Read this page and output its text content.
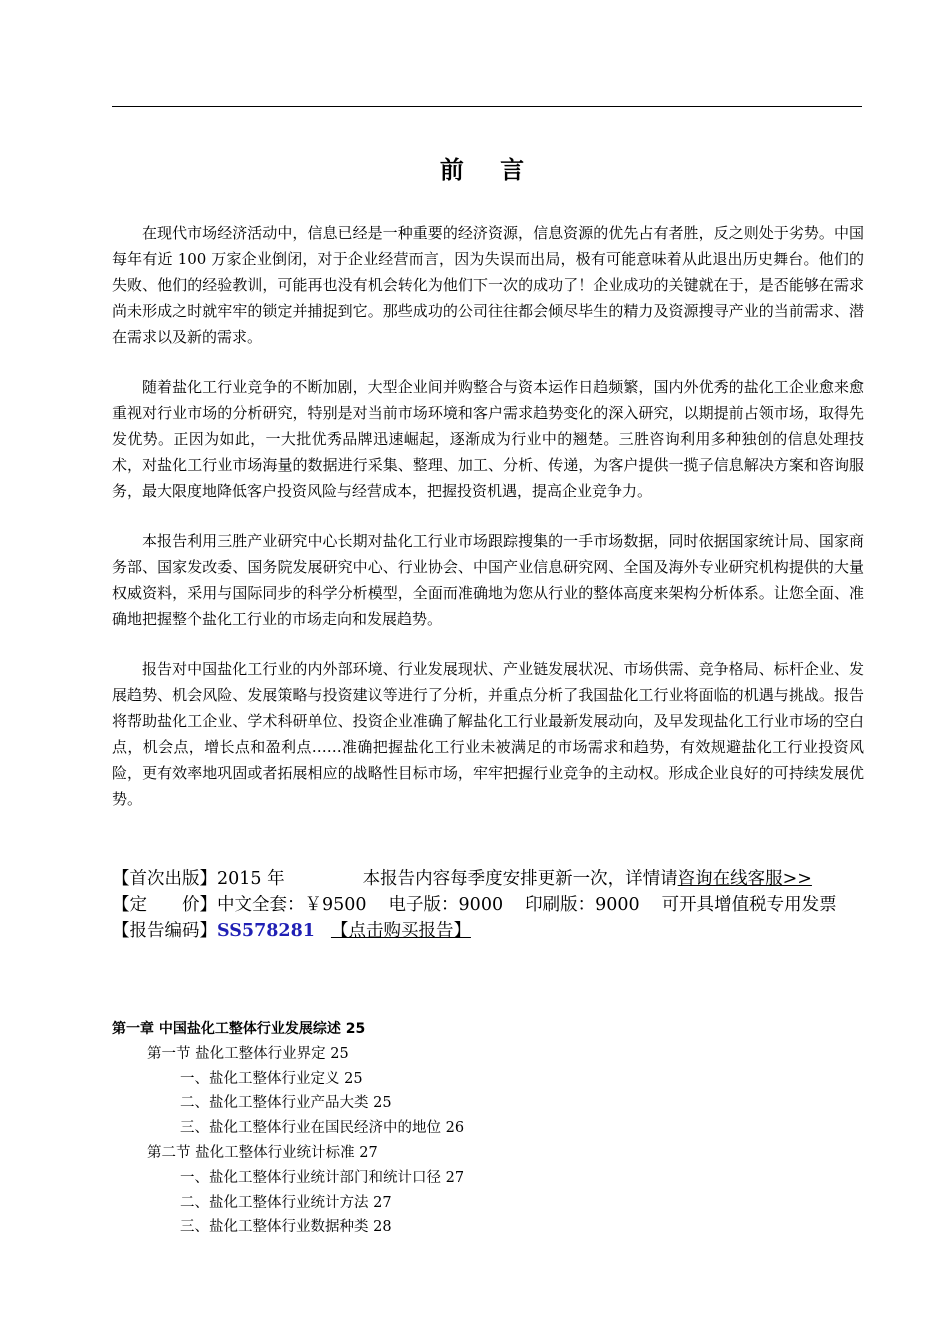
前 言

在现代市场经济活动中，信息已经是一种重要的经济资源，信息资源的优先占有者胜，反之则处于劣势。中国每年有近 100 万家企业倒闭，对于企业经营而言，因为失误而出局，极有可能意味着从此退出历史舞台。他们的失败、他们的经验教训，可能再也没有机会转化为他们下一次的成功了！企业成功的关键就在于，是否能够在需求尚未形成之时就牢牢的锁定并捕捉到它。那些成功的公司往往都会倾尽毕生的精力及资源搜寻产业的当前需求、潜在需求以及新的需求。

随着盐化工行业竞争的不断加剧，大型企业间并购整合与资本运作日趋频繁，国内外优秀的盐化工企业愈来愈重视对行业市场的分析研究，特别是对当前市场环境和客户需求趋势变化的深入研究，以期提前占领市场，取得先发优势。正因为如此，一大批优秀品牌迅速崛起，逐渐成为行业中的翘楚。三胜咨询利用多种独创的信息处理技术，对盐化工行业市场海量的数据进行采集、整理、加工、分析、传递，为客户提供一揽子信息解决方案和咨询服务，最大限度地降低客户投资风险与经营成本，把握投资机遇，提高企业竞争力。

本报告利用三胜产业研究中心长期对盐化工行业市场跟踪搜集的一手市场数据，同时依据国家统计局、国家商务部、国家发改委、国务院发展研究中心、行业协会、中国产业信息研究网、全国及海外专业研究机构提供的大量权威资料，采用与国际同步的科学分析模型，全面而准确地为您从行业的整体高度来架构分析体系。让您全面、准确地把握整个盐化工行业的市场走向和发展趋势。

报告对中国盐化工行业的内外部环境、行业发展现状、产业链发展状况、市场供需、竞争格局、标杆企业、发展趋势、机会风险、发展策略与投资建议等进行了分析，并重点分析了我国盐化工行业将面临的机遇与挑战。报告将帮助盐化工企业、学术科研单位、投资企业准确了解盐化工行业最新发展动向，及早发现盐化工行业市场的空白点，机会点，增长点和盈利点……准确把握盐化工行业未被满足的市场需求和趋势，有效规避盐化工行业投资风险，更有效率地巩固或者拓展相应的战略性目标市场，牢牢把握行业竞争的主动权。形成企业良好的可持续发展优势。

【首次出版】2015 年	本报告内容每季度安排更新一次，详情请咨询在线客服>>
【定　　价】中文全套：￥9500 电子版：9000 印刷版：9000 可开具增值税专用发票
【报告编码】SS578281 【点击购买报告】
第一章 中国盐化工整体行业发展综述 25
第一节 盐化工整体行业界定 25
一、盐化工整体行业定义 25
二、盐化工整体行业产品大类 25
三、盐化工整体行业在国民经济中的地位 26
第二节 盐化工整体行业统计标准 27
一、盐化工整体行业统计部门和统计口径 27
二、盐化工整体行业统计方法 27
三、盐化工整体行业数据种类 28
